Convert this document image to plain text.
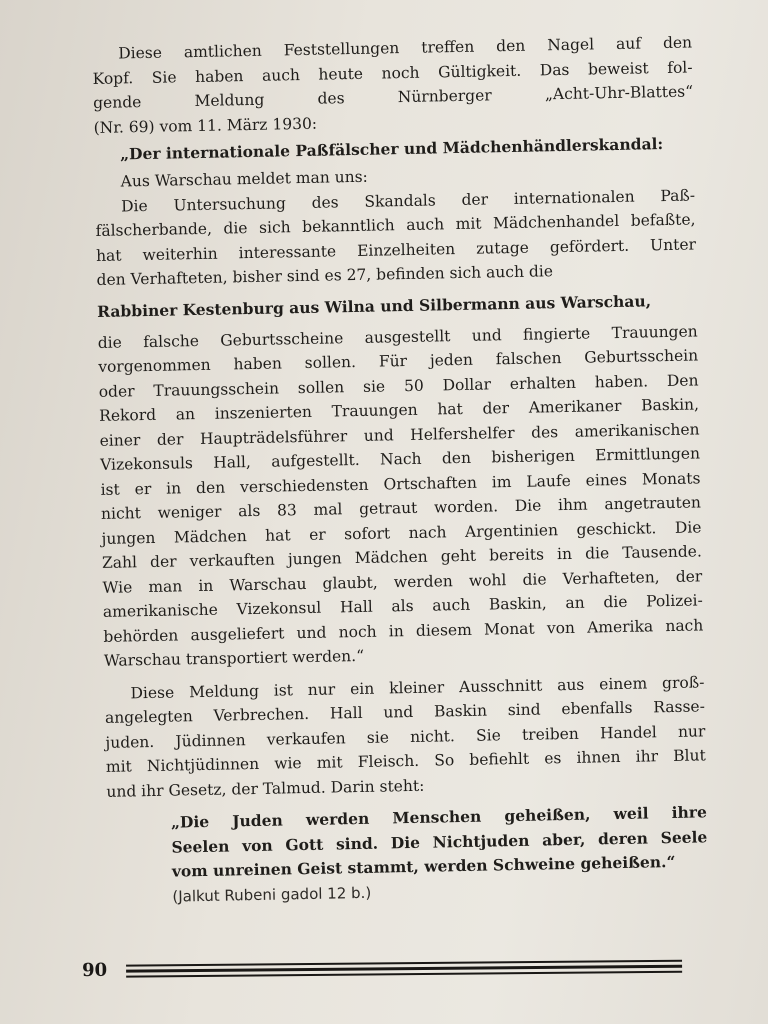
Diese amtlichen Feststellungen treffen den Nagel auf den
Kopf. Sie haben auch heute noch Gültigkeit. Das beweist fol-
gende	Meldung	des	Nürnberger	„Acht-Uhr-Blattes“
(Nr. 69) vom 11. März 1930:
„Der internationale Paßfälscher und Mädchenhändlerskandal:
Aus Warschau meldet man uns:
Die Untersuchung des Skandals der internationalen Paß-
fälscherbande, die sich bekanntlich auch mit Mädchenhandel befaßte,
hat weiterhin interessante Einzelheiten zutage gefördert. Unter
den Verhafteten, bisher sind es 27, befinden sich auch die
Rabbiner Kestenburg aus Wilna und Silbermann aus Warschau,
die falsche Geburtsscheine ausgestellt und fingierte Trauungen
vorgenommen haben sollen. Für jeden falschen Geburtsschein
oder Trauungsschein sollen sie 50 Dollar erhalten haben. Den
Rekord an inszenierten Trauungen hat der Amerikaner Baskin,
einer der Haupträdelsführer und Helfershelfer des amerikanischen
Vizekonsuls Hall, aufgestellt. Nach den bisherigen Ermittlungen
ist er in den verschiedensten Ortschaften im Laufe eines Monats
nicht weniger als 83 mal getraut worden. Die ihm angetrauten
jungen Mädchen hat er sofort nach Argentinien geschickt. Die
Zahl der verkauften jungen Mädchen geht bereits in die Tausende.
Wie man in Warschau glaubt, werden wohl die Verhafteten, der
amerikanische Vizekonsul Hall als auch Baskin, an die Polizei-
behörden ausgeliefert und noch in diesem Monat von Amerika nach
Warschau transportiert werden.“
Diese Meldung ist nur ein kleiner Ausschnitt aus einem groß-
angelegten Verbrechen. Hall und Baskin sind ebenfalls Rasse-
juden. Jüdinnen verkaufen sie nicht. Sie treiben Handel nur
mit Nichtjüdinnen wie mit Fleisch. So befiehlt es ihnen ihr Blut
und ihr Gesetz, der Talmud. Darin steht:
„Die Juden werden Menschen geheißen, weil ihre
Seelen von Gott sind. Die Nichtjuden aber, deren Seele
vom unreinen Geist stammt, werden Schweine geheißen.“
(Jalkut Rubeni gadol 12 b.)
90
